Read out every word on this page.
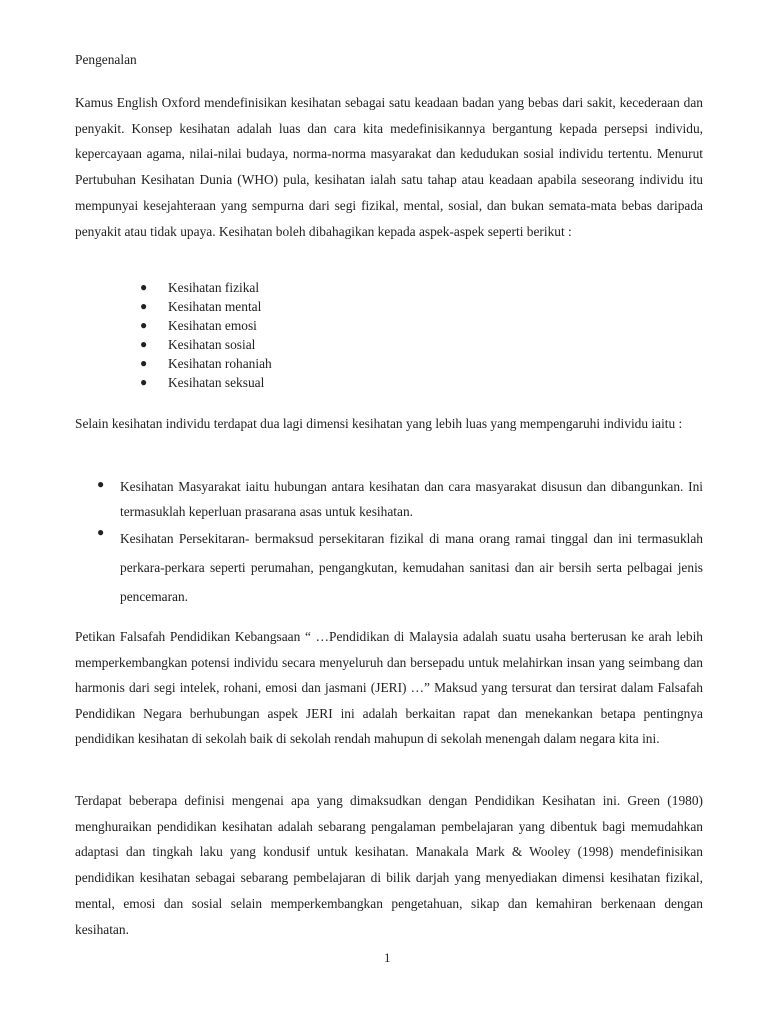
Pengenalan

Kamus English Oxford mendefinisikan kesihatan sebagai satu keadaan badan yang bebas dari sakit, kecederaan dan penyakit. Konsep kesihatan adalah luas dan cara kita medefinisikannya bergantung kepada persepsi individu, kepercayaan agama, nilai-nilai budaya, norma-norma masyarakat dan kedudukan sosial individu tertentu. Menurut Pertubuhan Kesihatan Dunia (WHO) pula, kesihatan ialah satu tahap atau keadaan apabila seseorang individu itu mempunyai kesejahteraan yang sempurna dari segi fizikal, mental, sosial, dan bukan semata-mata bebas daripada penyakit atau tidak upaya. Kesihatan boleh dibahagikan kepada aspek-aspek seperti berikut :

● Kesihatan fizikal
● Kesihatan mental
● Kesihatan emosi
● Kesihatan sosial
● Kesihatan rohaniah
● Kesihatan seksual

Selain kesihatan individu terdapat dua lagi dimensi kesihatan yang lebih luas yang mempengaruhi individu iaitu :

● Kesihatan Masyarakat iaitu hubungan antara kesihatan dan cara masyarakat disusun dan dibangunkan. Ini termasuklah keperluan prasarana asas untuk kesihatan.
● Kesihatan Persekitaran- bermaksud persekitaran fizikal di mana orang ramai tinggal dan ini termasuklah perkara-perkara seperti perumahan, pengangkutan, kemudahan sanitasi dan air bersih serta pelbagai jenis pencemaran.

Petikan Falsafah Pendidikan Kebangsaan “ …Pendidikan di Malaysia adalah suatu usaha berterusan ke arah lebih memperkembangkan potensi individu secara menyeluruh dan bersepadu untuk melahirkan insan yang seimbang dan harmonis dari segi intelek, rohani, emosi dan jasmani (JERI) …” Maksud yang tersurat dan tersirat dalam Falsafah Pendidikan Negara berhubungan aspek JERI ini adalah berkaitan rapat dan menekankan betapa pentingnya pendidikan kesihatan di sekolah baik di sekolah rendah mahupun di sekolah menengah dalam negara kita ini.

Terdapat beberapa definisi mengenai apa yang dimaksudkan dengan Pendidikan Kesihatan ini. Green (1980) menghuraikan pendidikan kesihatan adalah sebarang pengalaman pembelajaran yang dibentuk bagi memudahkan adaptasi dan tingkah laku yang kondusif untuk kesihatan. Manakala Mark & Wooley (1998) mendefinisikan pendidikan kesihatan sebagai sebarang pembelajaran di bilik darjah yang menyediakan dimensi kesihatan fizikal, mental, emosi dan sosial selain memperkembangkan pengetahuan, sikap dan kemahiran berkenaan dengan kesihatan.

1
